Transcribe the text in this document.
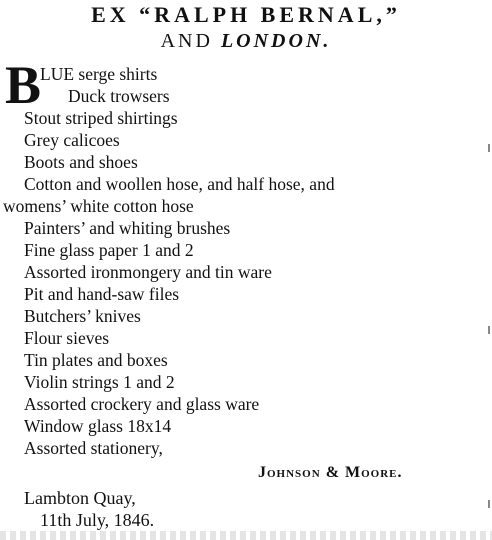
EX “RALPH BERNAL,”
AND LONDON.
B
LUE serge shirts
Duck trowsers
Stout striped shirtings
Grey calicoes
Boots and shoes
Cotton and woollen hose, and half hose, and
womens’ white cotton hose
Painters’ and whiting brushes
Fine glass paper 1 and 2
Assorted ironmongery and tin ware
Pit and hand-saw files
Butchers’ knives
Flour sieves
Tin plates and boxes
Violin strings 1 and 2
Assorted crockery and glass ware
Window glass 18x14
Assorted stationery,
Johnson & Moore.
Lambton Quay,
11th July, 1846.
